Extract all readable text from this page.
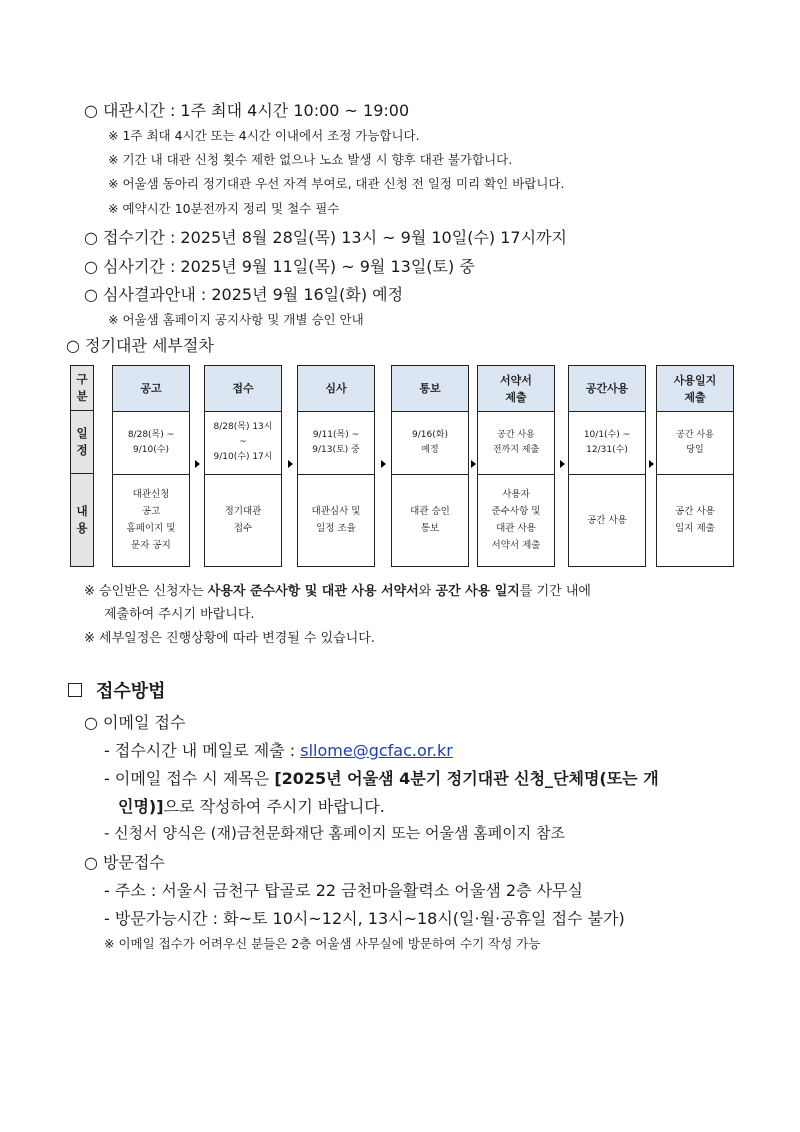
○ 대관시간 : 1주 최대 4시간 10:00 ~ 19:00
※ 1주 최대 4시간 또는 4시간 이내에서 조정 가능합니다.
※ 기간 내 대관 신청 횟수 제한 없으나 노쇼 발생 시 향후 대관 불가합니다.
※ 어울샘 동아리 정기대관 우선 자격 부여로, 대관 신청 전 일정 미리 확인 바랍니다.
※ 예약시간 10분전까지 정리 및 철수 필수
○ 접수기간 : 2025년 8월 28일(목) 13시 ~ 9월 10일(수) 17시까지
○ 심사기간 : 2025년 9월 11일(목) ~ 9월 13일(토) 중
○ 심사결과안내 : 2025년 9월 16일(화) 예정
※ 어울샘 홈페이지 공지사항 및 개별 승인 안내
○ 정기대관 세부절차
구
분
일
정
내
용
공고
8/28(목) ~
9/10(수)
대관신청
공고
홈페이지 및
문자 공지
접수
8/28(목) 13시
~
9/10(수) 17시
정기대관
접수
심사
9/11(목) ~
9/13(토) 중
대관심사 및
일정 조율
통보
9/16(화)
예정
대관 승인
통보
서약서
제출
공간 사용
전까지 제출
사용자
준수사항 및
대관 사용
서약서 제출
공간사용
10/1(수) ~
12/31(수)
공간 사용
사용일지
제출
공간 사용
당일
공간 사용
일지 제출
※ 승인받은 신청자는 사용자 준수사항 및 대관 사용 서약서와 공간 사용 일지를 기간 내에
제출하여 주시기 바랍니다.
※ 세부일정은 진행상황에 따라 변경될 수 있습니다.
접수방법
○ 이메일 접수
- 접수시간 내 메일로 제출 : sllome@gcfac.or.kr
- 이메일 접수 시 제목은 [2025년 어울샘 4분기 정기대관 신청_단체명(또는 개
인명)]으로 작성하여 주시기 바랍니다.
- 신청서 양식은 (재)금천문화재단 홈페이지 또는 어울샘 홈페이지 참조
○ 방문접수
- 주소 : 서울시 금천구 탑골로 22 금천마을활력소 어울샘 2층 사무실
- 방문가능시간 : 화~토 10시~12시, 13시~18시(일·월·공휴일 접수 불가)
※ 이메일 접수가 어려우신 분들은 2층 어울샘 사무실에 방문하여 수기 작성 가능
